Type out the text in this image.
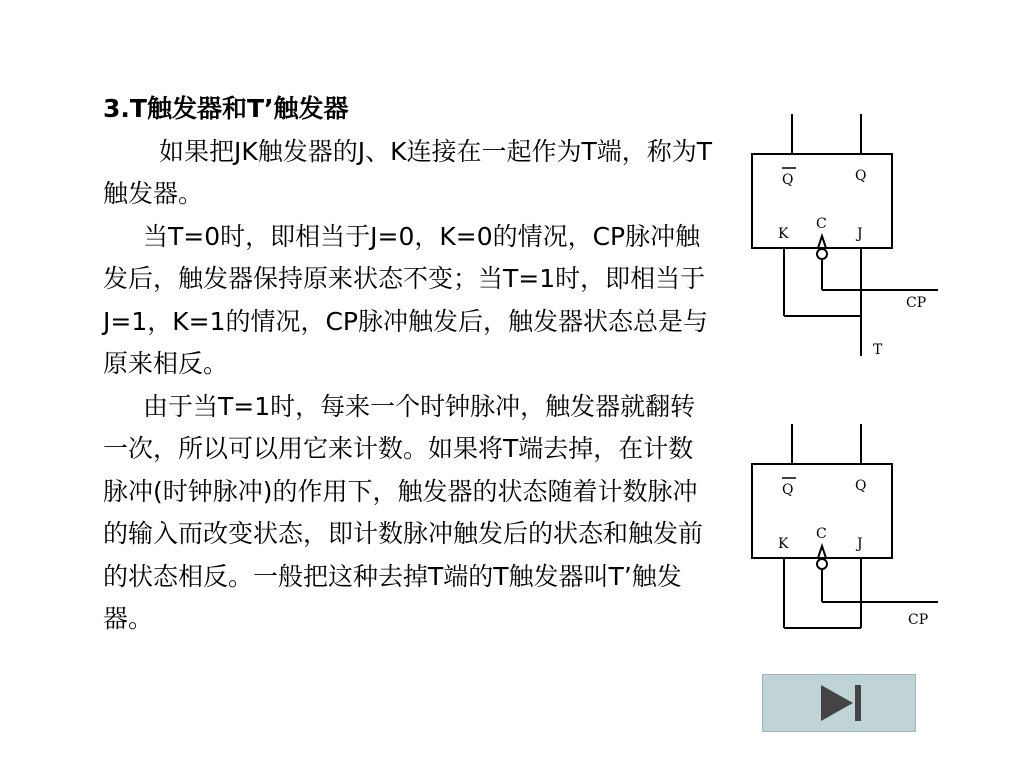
3.T触发器和T’触发器

如果把JK触发器的J、K连接在一起作为T端，称为T触发器。

当T=0时，即相当于J=0，K=0的情况，CP脉冲触发后，触发器保持原来状态不变；当T=1时，即相当于J=1，K=1的情况，CP脉冲触发后，触发器状态总是与原来相反。

由于当T=1时，每来一个时钟脉冲，触发器就翻转一次，所以可以用它来计数。如果将T端去掉，在计数脉冲(时钟脉冲)的作用下，触发器的状态随着计数脉冲的输入而改变状态，即计数脉冲触发后的状态和触发前的状态相反。一般把这种去掉T端的T触发器叫T’触发器。

Q	Q
K
C
J
CP
T
Q	Q
K
C
J
CP
